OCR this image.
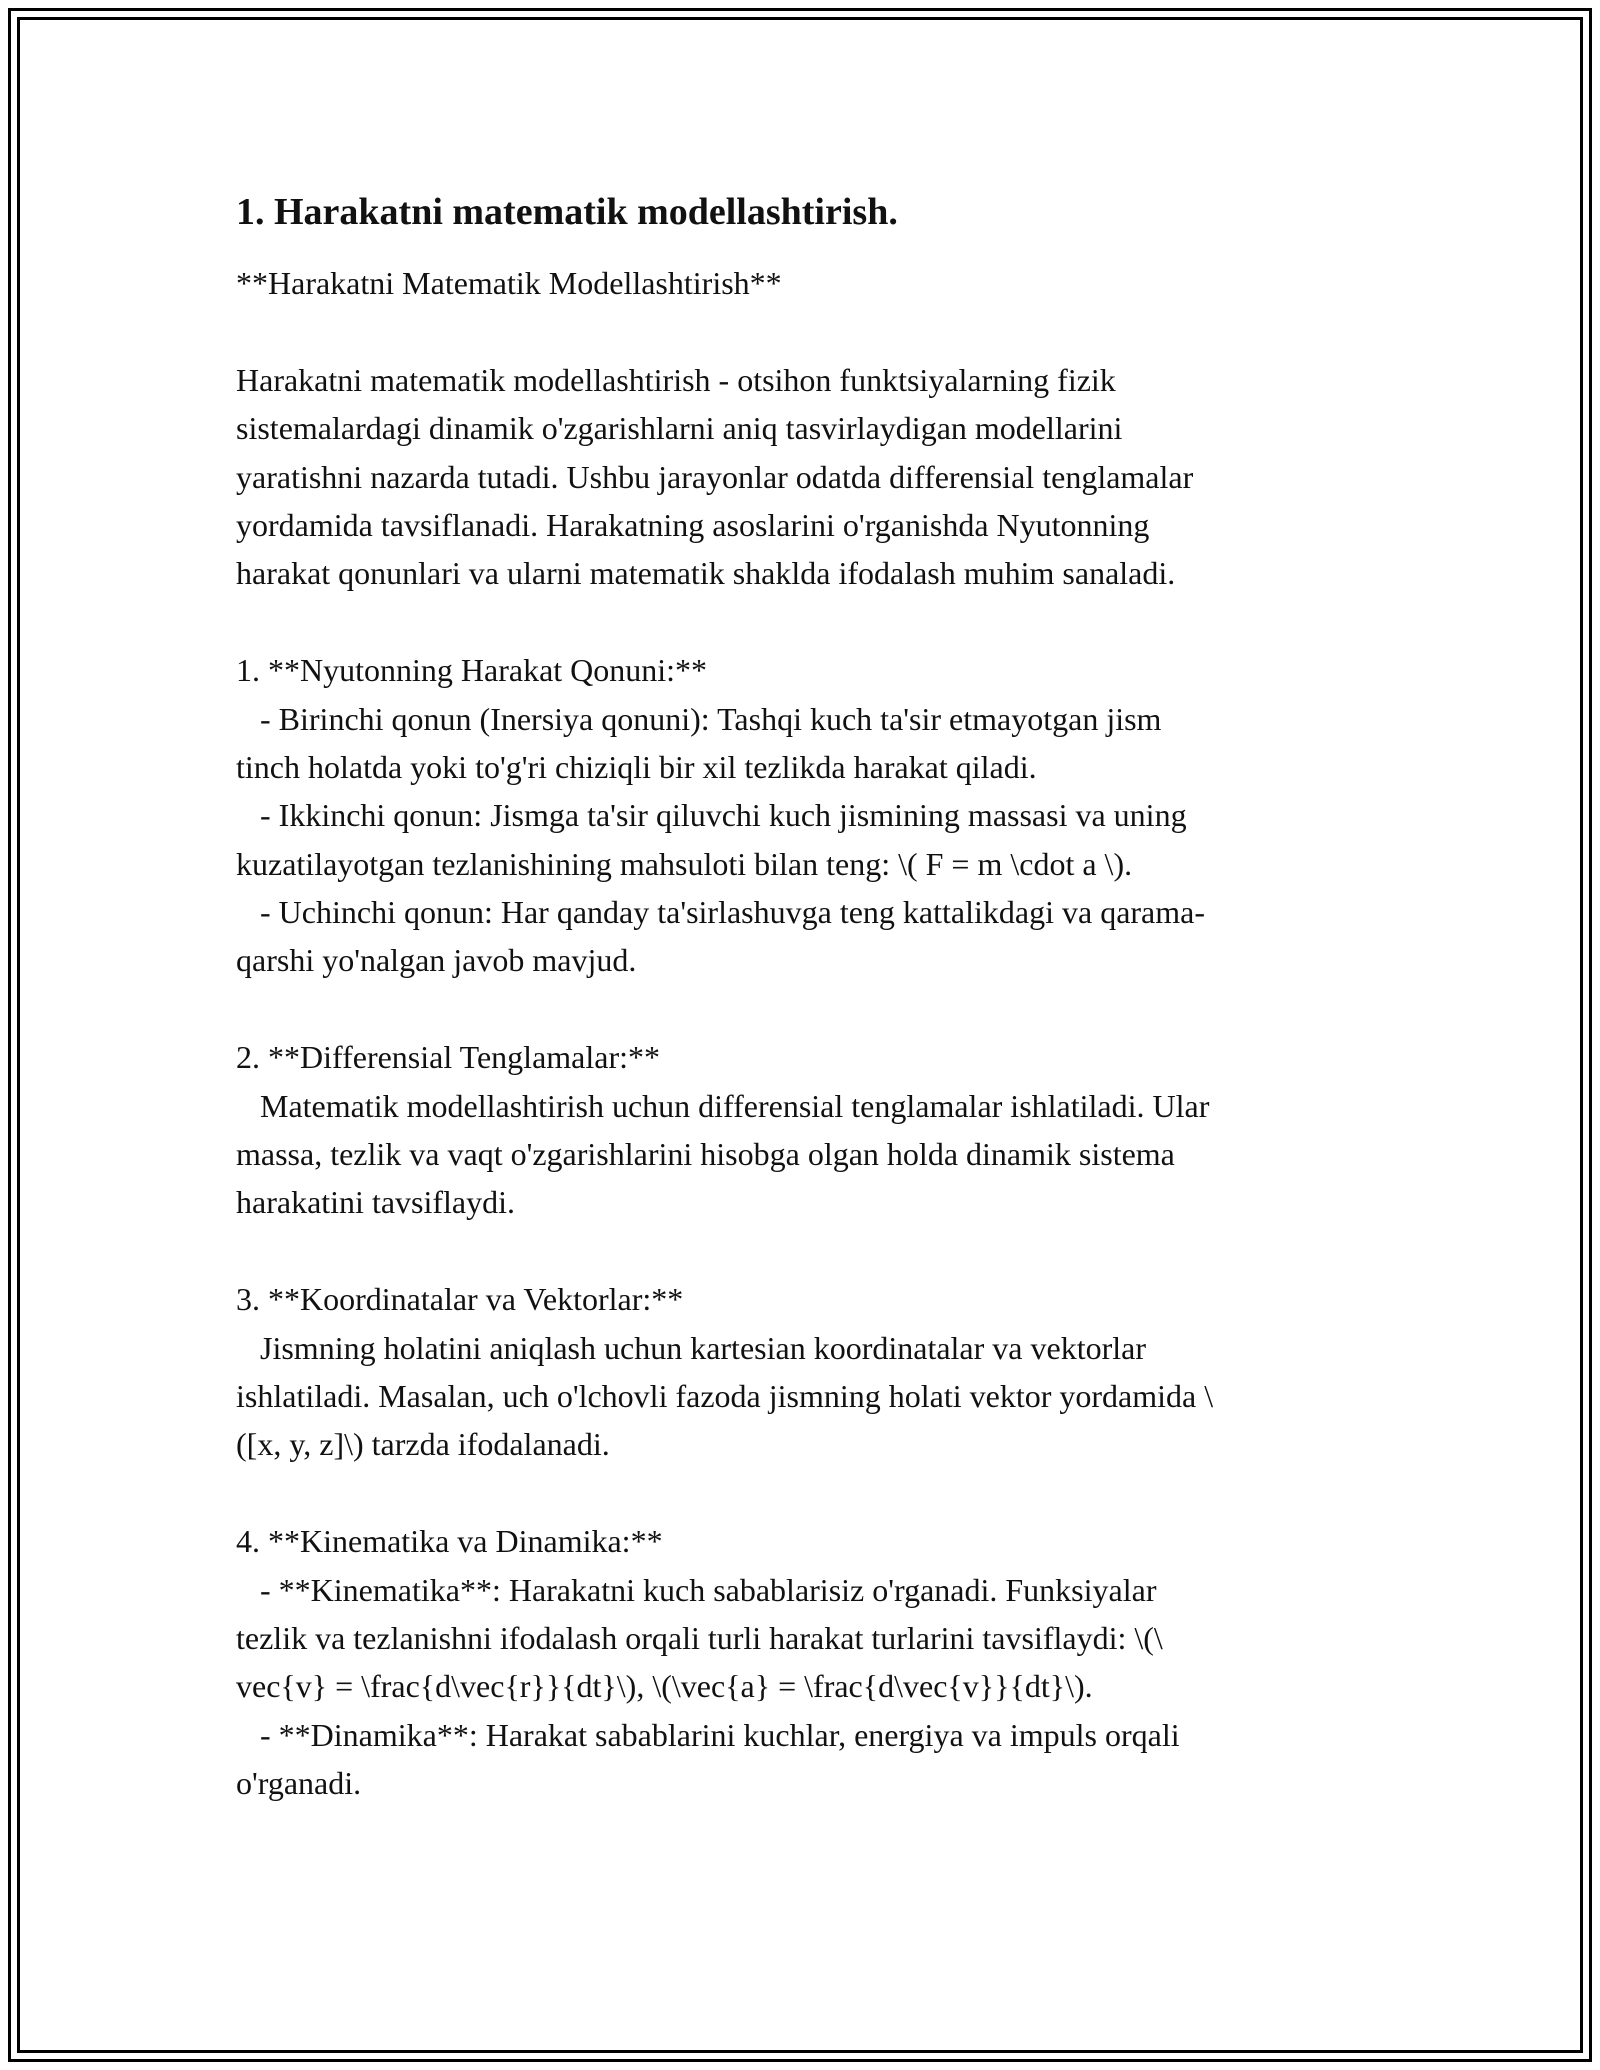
1. Harakatni matematik modellashtirish.
**Harakatni Matematik Modellashtirish**
Harakatni matematik modellashtirish - otsihon funktsiyalarning fizik
sistemalardagi dinamik o'zgarishlarni aniq tasvirlaydigan modellarini
yaratishni nazarda tutadi. Ushbu jarayonlar odatda differensial tenglamalar
yordamida tavsiflanadi. Harakatning asoslarini o'rganishda Nyutonning
harakat qonunlari va ularni matematik shaklda ifodalash muhim sanaladi.
1. **Nyutonning Harakat Qonuni:**
- Birinchi qonun (Inersiya qonuni): Tashqi kuch ta'sir etmayotgan jism
tinch holatda yoki to'g'ri chiziqli bir xil tezlikda harakat qiladi.
- Ikkinchi qonun: Jismga ta'sir qiluvchi kuch jismining massasi va uning
kuzatilayotgan tezlanishining mahsuloti bilan teng: \( F = m \cdot a \).
- Uchinchi qonun: Har qanday ta'sirlashuvga teng kattalikdagi va qarama-
qarshi yo'nalgan javob mavjud.
2. **Differensial Tenglamalar:**
Matematik modellashtirish uchun differensial tenglamalar ishlatiladi. Ular
massa, tezlik va vaqt o'zgarishlarini hisobga olgan holda dinamik sistema
harakatini tavsiflaydi.
3. **Koordinatalar va Vektorlar:**
Jismning holatini aniqlash uchun kartesian koordinatalar va vektorlar
ishlatiladi. Masalan, uch o'lchovli fazoda jismning holati vektor yordamida \
([x, y, z]\) tarzda ifodalanadi.
4. **Kinematika va Dinamika:**
- **Kinematika**: Harakatni kuch sabablarisiz o'rganadi. Funksiyalar
tezlik va tezlanishni ifodalash orqali turli harakat turlarini tavsiflaydi: \(\
vec{v} = \frac{d\vec{r}}{dt}\), \(\vec{a} = \frac{d\vec{v}}{dt}\).
- **Dinamika**: Harakat sabablarini kuchlar, energiya va impuls orqali
o'rganadi.
